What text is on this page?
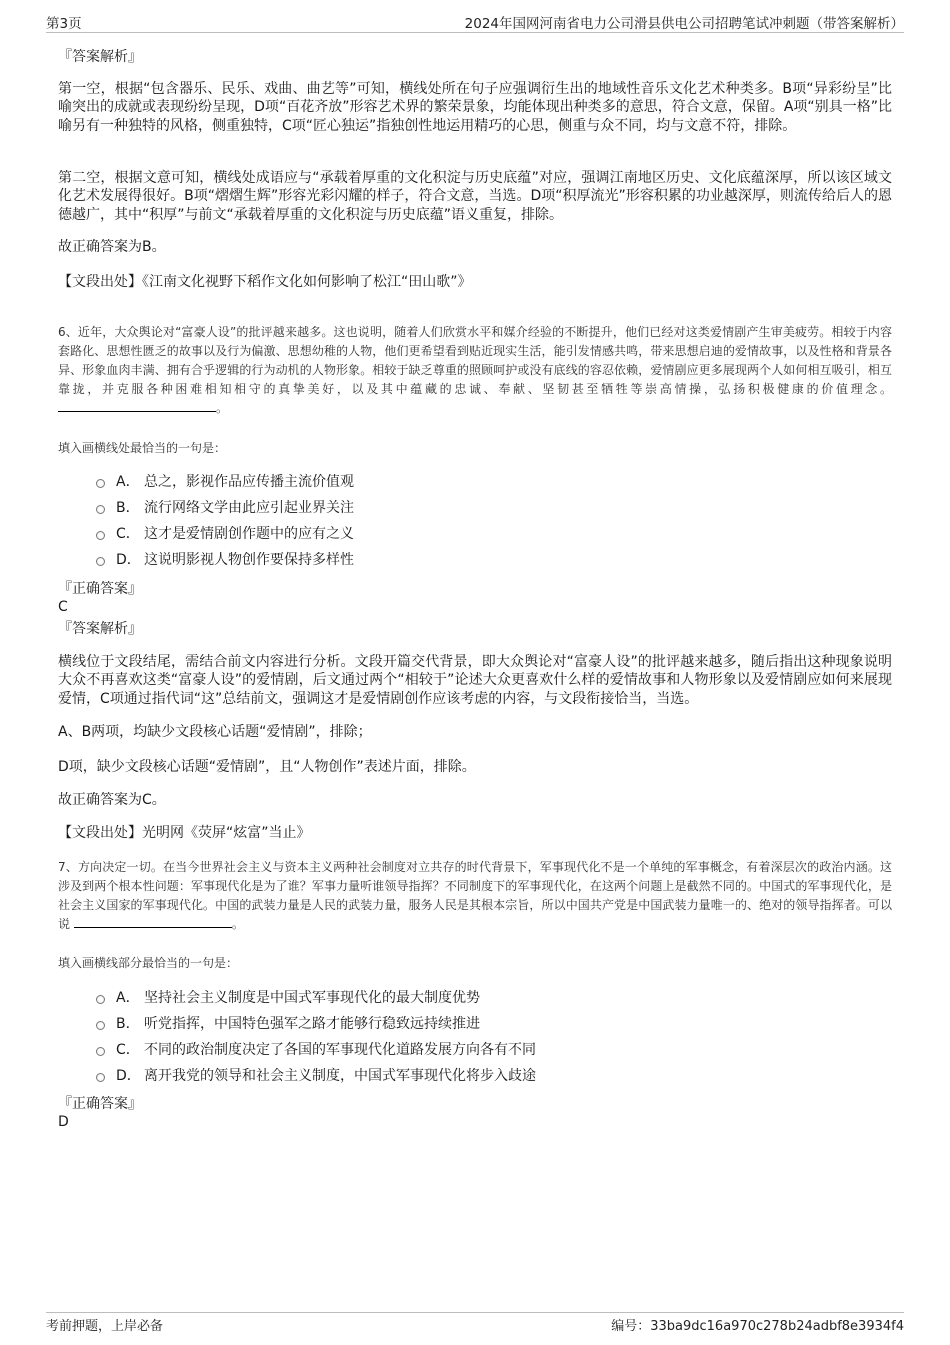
第3页	2024年国网河南省电力公司滑县供电公司招聘笔试冲刺题（带答案解析）
『答案解析』
第一空，根据“包含器乐、民乐、戏曲、曲艺等”可知，横线处所在句子应强调衍生出的地域性音乐文化艺术种类多。B项“异彩纷呈”比喻突出的成就或表现纷纷呈现，D项“百花齐放”形容艺术界的繁荣景象，均能体现出种类多的意思，符合文意，保留。A项“别具一格”比喻另有一种独特的风格，侧重独特，C项“匠心独运”指独创性地运用精巧的心思，侧重与众不同，均与文意不符，排除。
第二空，根据文意可知，横线处成语应与“承载着厚重的文化积淀与历史底蕴”对应，强调江南地区历史、文化底蕴深厚，所以该区域文化艺术发展得很好。B项“熠熠生辉”形容光彩闪耀的样子，符合文意，当选。D项“积厚流光”形容积累的功业越深厚，则流传给后人的恩德越广，其中“积厚”与前文“承载着厚重的文化积淀与历史底蕴”语义重复，排除。
故正确答案为B。
【文段出处】《江南文化视野下稻作文化如何影响了松江“田山歌”》
6、近年，大众舆论对“富豪人设”的批评越来越多。这也说明，随着人们欣赏水平和媒介经验的不断提升，他们已经对这类爱情剧产生审美疲劳。相较于内容套路化、思想性匮乏的故事以及行为偏激、思想幼稚的人物，他们更希望看到贴近现实生活，能引发情感共鸣，带来思想启迪的爱情故事，以及性格和背景各异、形象血肉丰满、拥有合乎逻辑的行为动机的人物形象。相较于缺乏尊重的照顾呵护或没有底线的容忍依赖，爱情剧应更多展现两个人如何相互吸引，相互靠拢，并克服各种困难相知相守的真挚美好，以及其中蕴藏的忠诚、奉献、坚韧甚至牺牲等崇高情操，弘扬积极健康的价值理念。 。
填入画横线处最恰当的一句是：
A． 总之，影视作品应传播主流价值观
B． 流行网络文学由此应引起业界关注
C． 这才是爱情剧创作题中的应有之义
D． 这说明影视人物创作要保持多样性
『正确答案』
C
『答案解析』
横线位于文段结尾，需结合前文内容进行分析。文段开篇交代背景，即大众舆论对“富豪人设”的批评越来越多，随后指出这种现象说明大众不再喜欢这类“富豪人设”的爱情剧，后文通过两个“相较于”论述大众更喜欢什么样的爱情故事和人物形象以及爱情剧应如何来展现爱情，C项通过指代词“这”总结前文，强调这才是爱情剧创作应该考虑的内容，与文段衔接恰当，当选。
A、B两项，均缺少文段核心话题“爱情剧”，排除；
D项，缺少文段核心话题“爱情剧”，且“人物创作”表述片面，排除。
故正确答案为C。
【文段出处】光明网《荧屏“炫富”当止》
7、方向决定一切。在当今世界社会主义与资本主义两种社会制度对立共存的时代背景下，军事现代化不是一个单纯的军事概念，有着深层次的政治内涵。这涉及到两个根本性问题：军事现代化是为了谁？军事力量听谁领导指挥？不同制度下的军事现代化，在这两个问题上是截然不同的。中国式的军事现代化，是社会主义国家的军事现代化。中国的武装力量是人民的武装力量，服务人民是其根本宗旨，所以中国共产党是中国武装力量唯一的、绝对的领导指挥者。可以说	。
填入画横线部分最恰当的一句是：
A． 坚持社会主义制度是中国式军事现代化的最大制度优势
B． 听党指挥，中国特色强军之路才能够行稳致远持续推进
C． 不同的政治制度决定了各国的军事现代化道路发展方向各有不同
D． 离开我党的领导和社会主义制度，中国式军事现代化将步入歧途
『正确答案』
D
考前押题，上岸必备	编号：33ba9dc16a970c278b24adbf8e3934f4
